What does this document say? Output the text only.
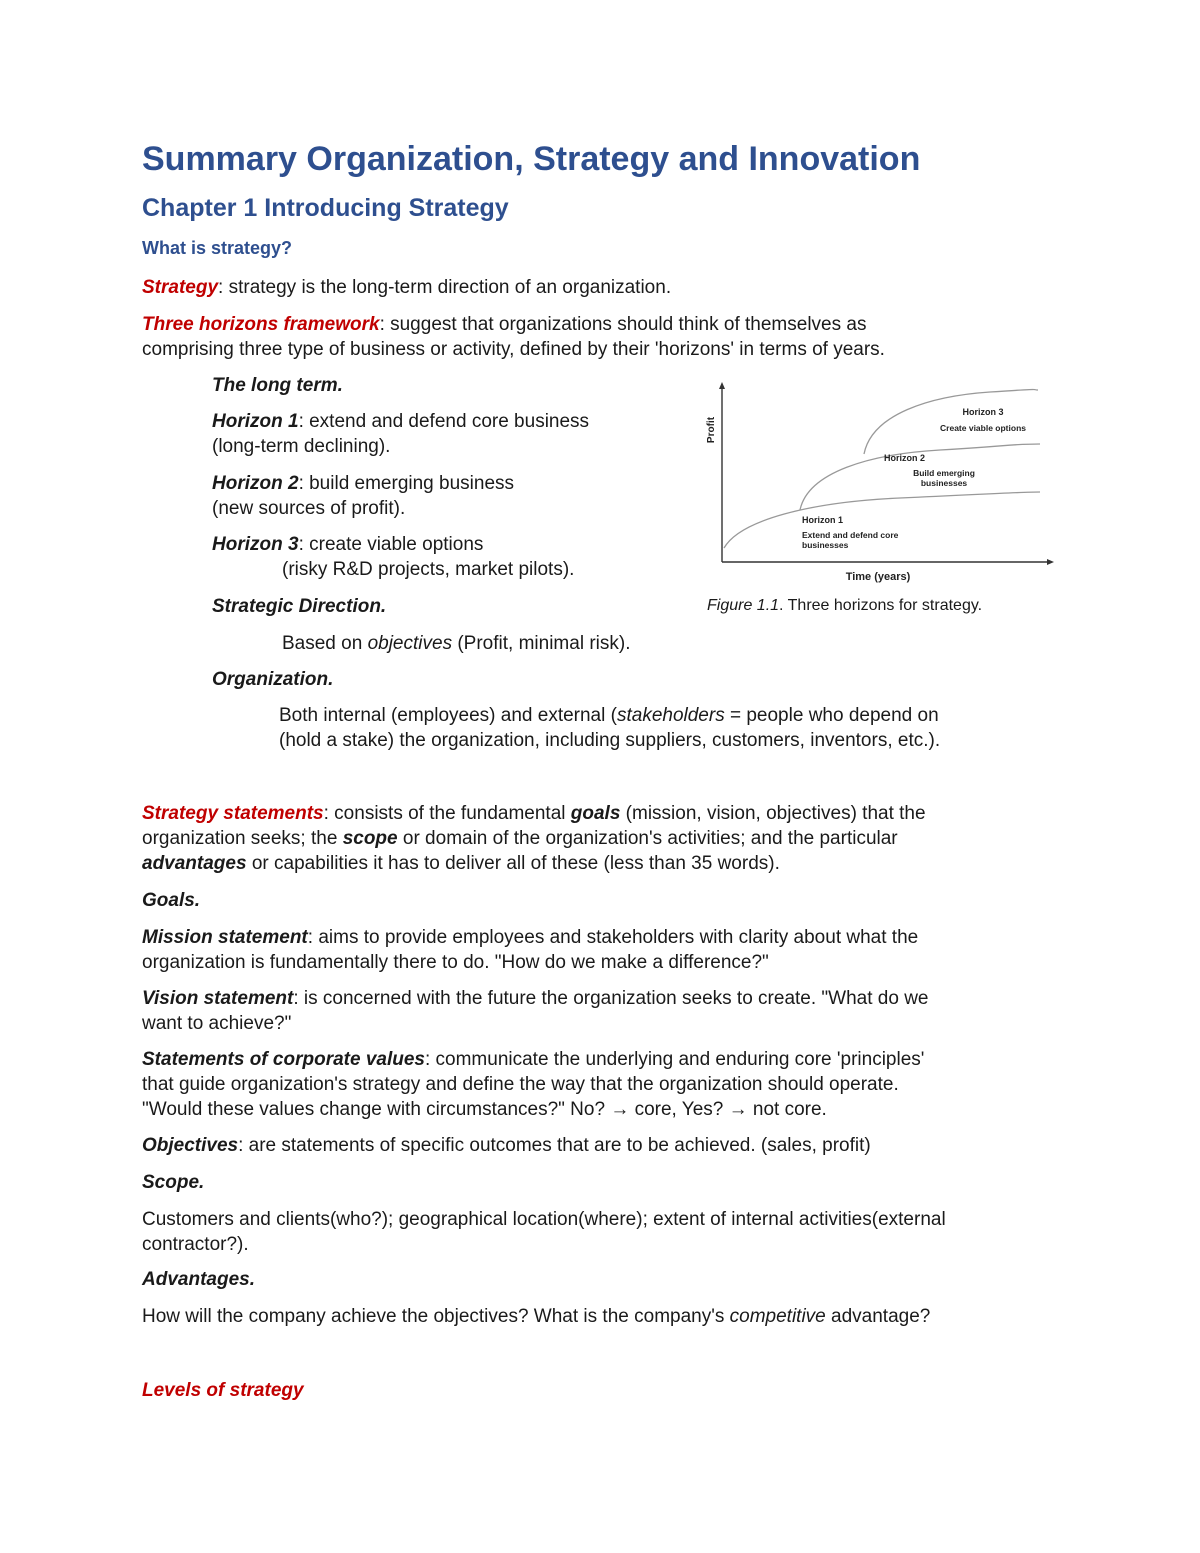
Summary Organization, Strategy and Innovation
Chapter 1 Introducing Strategy
What is strategy?
Strategy: strategy is the long-term direction of an organization.
Three horizons framework: suggest that organizations should think of themselves as
comprising three type of business or activity, defined by their 'horizons' in terms of years.
The long term.
Horizon 1: extend and defend core business
(long-term declining).
Horizon 2: build emerging business
(new sources of profit).
Horizon 3: create viable options
(risky R&D projects, market pilots).
Strategic Direction.
Based on objectives (Profit, minimal risk).
Organization.
Both internal (employees) and external (stakeholders = people who depend on
(hold a stake) the organization, including suppliers, customers, inventors, etc.).
Profit
Time (years)
Horizon 1
Extend and defend core
businesses
Horizon 2
Build emerging
businesses
Horizon 3
Create viable options
Figure 1.1. Three horizons for strategy.
Strategy statements: consists of the fundamental goals (mission, vision, objectives) that the
organization seeks; the scope or domain of the organization's activities; and the particular
advantages or capabilities it has to deliver all of these (less than 35 words).
Goals.
Mission statement: aims to provide employees and stakeholders with clarity about what the
organization is fundamentally there to do. "How do we make a difference?"
Vision statement: is concerned with the future the organization seeks to create. "What do we
want to achieve?"
Statements of corporate values: communicate the underlying and enduring core 'principles'
that guide organization's strategy and define the way that the organization should operate.
"Would these values change with circumstances?" No? → core, Yes? → not core.
Objectives: are statements of specific outcomes that are to be achieved. (sales, profit)
Scope.
Customers and clients(who?); geographical location(where); extent of internal activities(external
contractor?).
Advantages.
How will the company achieve the objectives? What is the company's competitive advantage?
Levels of strategy
